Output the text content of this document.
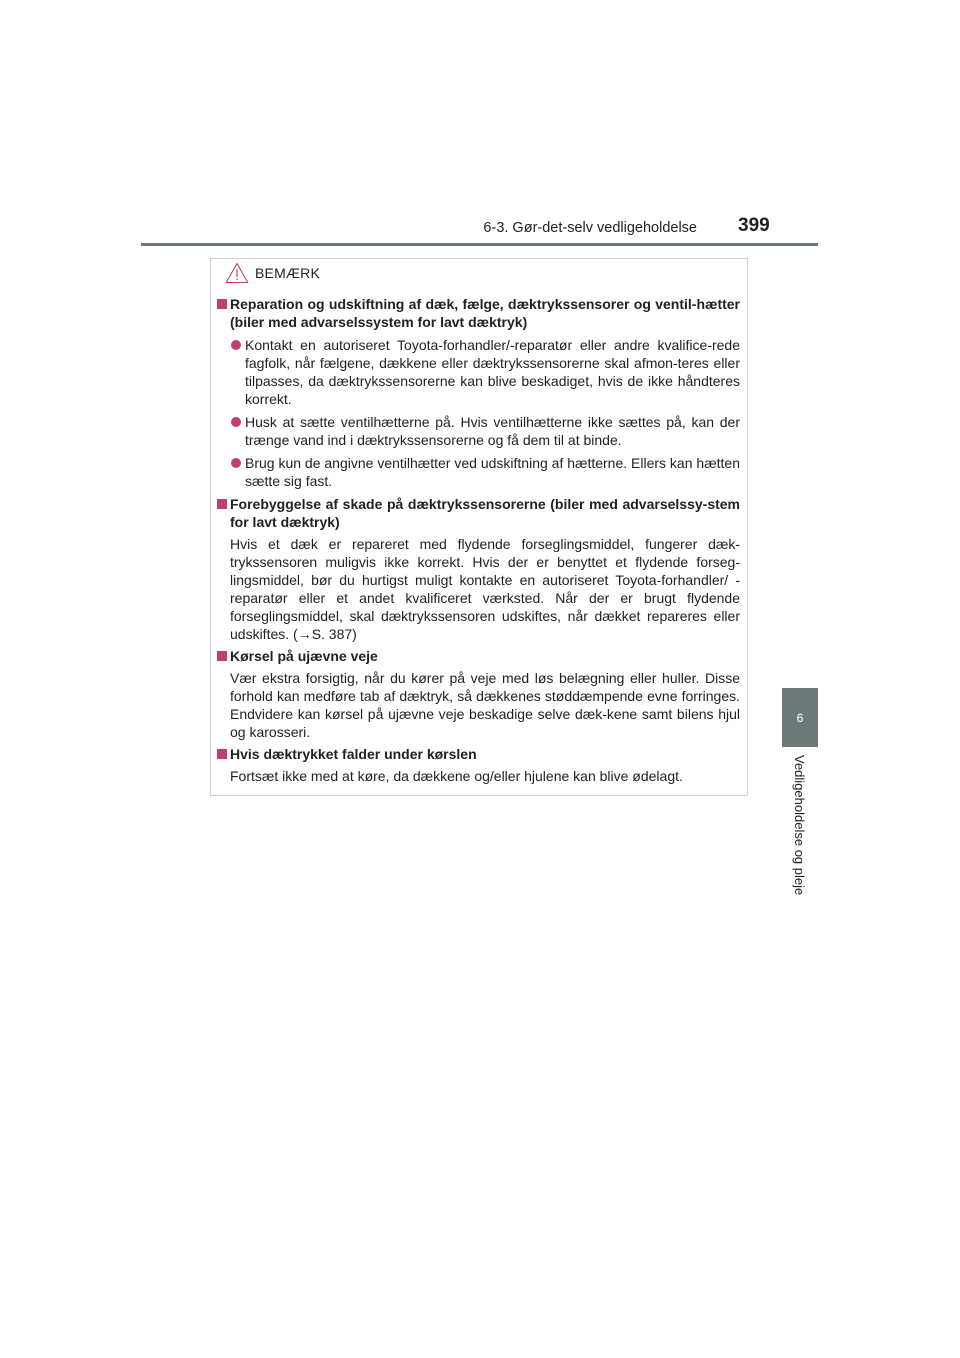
6-3. Gør-det-selv vedligeholdelse 399
6
Vedligeholdelse og pleje
BEMÆRK
Reparation og udskiftning af dæk, fælge, dæktrykssensorer og ventil-hætter (biler med advarselssystem for lavt dæktryk)
Kontakt en autoriseret Toyota-forhandler/-reparatør eller andre kvalifice-rede fagfolk, når fælgene, dækkene eller dæktrykssensorerne skal afmon-teres eller tilpasses, da dæktrykssensorerne kan blive beskadiget, hvis de ikke håndteres korrekt.
Husk at sætte ventilhætterne på. Hvis ventilhætterne ikke sættes på, kan der trænge vand ind i dæktrykssensorerne og få dem til at binde.
Brug kun de angivne ventilhætter ved udskiftning af hætterne. Ellers kan hætten sætte sig fast.
Forebyggelse af skade på dæktrykssensorerne (biler med advarselssy-stem for lavt dæktryk)
Hvis et dæk er repareret med flydende forseglingsmiddel, fungerer dæk-trykssensoren muligvis ikke korrekt. Hvis der er benyttet et flydende forseg-lingsmiddel, bør du hurtigst muligt kontakte en autoriseret Toyota-forhandler/ -reparatør eller et andet kvalificeret værksted. Når der er brugt flydende forseglingsmiddel, skal dæktrykssensoren udskiftes, når dækket repareres eller udskiftes. (→S. 387)
Kørsel på ujævne veje
Vær ekstra forsigtig, når du kører på veje med løs belægning eller huller. Disse forhold kan medføre tab af dæktryk, så dækkenes støddæmpende evne forringes. Endvidere kan kørsel på ujævne veje beskadige selve dæk-kene samt bilens hjul og karosseri.
Hvis dæktrykket falder under kørslen
Fortsæt ikke med at køre, da dækkene og/eller hjulene kan blive ødelagt.
